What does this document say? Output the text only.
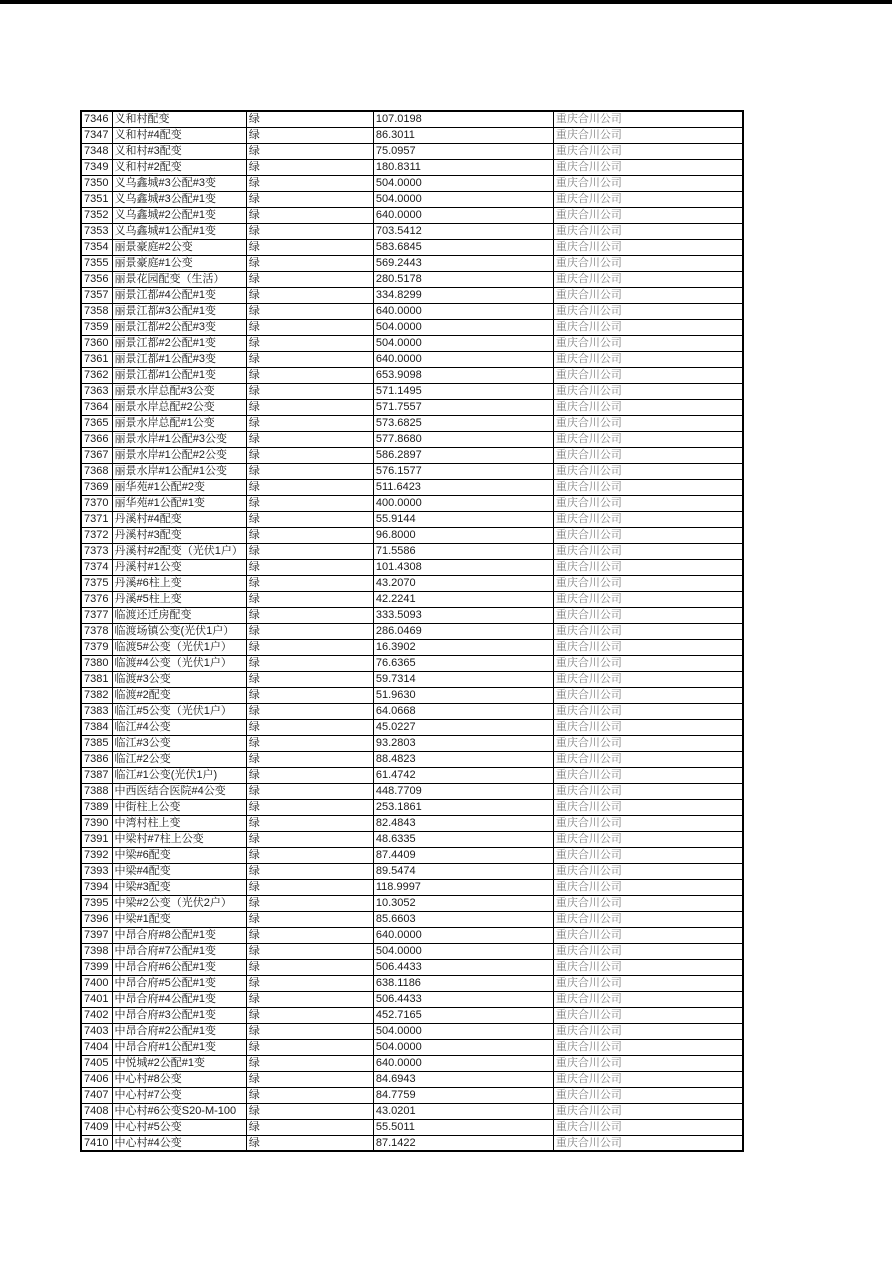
7346	义和村配变	绿	107.0198	重庆合川公司
7347	义和村#4配变	绿	86.3011	重庆合川公司
7348	义和村#3配变	绿	75.0957	重庆合川公司
7349	义和村#2配变	绿	180.8311	重庆合川公司
7350	义乌鑫城#3公配#3变	绿	504.0000	重庆合川公司
7351	义乌鑫城#3公配#1变	绿	504.0000	重庆合川公司
7352	义乌鑫城#2公配#1变	绿	640.0000	重庆合川公司
7353	义乌鑫城#1公配#1变	绿	703.5412	重庆合川公司
7354	丽景豪庭#2公变	绿	583.6845	重庆合川公司
7355	丽景豪庭#1公变	绿	569.2443	重庆合川公司
7356	丽景花园配变（生活）	绿	280.5178	重庆合川公司
7357	丽景江都#4公配#1变	绿	334.8299	重庆合川公司
7358	丽景江都#3公配#1变	绿	640.0000	重庆合川公司
7359	丽景江都#2公配#3变	绿	504.0000	重庆合川公司
7360	丽景江都#2公配#1变	绿	504.0000	重庆合川公司
7361	丽景江都#1公配#3变	绿	640.0000	重庆合川公司
7362	丽景江都#1公配#1变	绿	653.9098	重庆合川公司
7363	丽景水岸总配#3公变	绿	571.1495	重庆合川公司
7364	丽景水岸总配#2公变	绿	571.7557	重庆合川公司
7365	丽景水岸总配#1公变	绿	573.6825	重庆合川公司
7366	丽景水岸#1公配#3公变	绿	577.8680	重庆合川公司
7367	丽景水岸#1公配#2公变	绿	586.2897	重庆合川公司
7368	丽景水岸#1公配#1公变	绿	576.1577	重庆合川公司
7369	丽华苑#1公配#2变	绿	511.6423	重庆合川公司
7370	丽华苑#1公配#1变	绿	400.0000	重庆合川公司
7371	丹溪村#4配变	绿	55.9144	重庆合川公司
7372	丹溪村#3配变	绿	96.8000	重庆合川公司
7373	丹溪村#2配变（光伏1户）	绿	71.5586	重庆合川公司
7374	丹溪村#1公变	绿	101.4308	重庆合川公司
7375	丹溪#6柱上变	绿	43.2070	重庆合川公司
7376	丹溪#5柱上变	绿	42.2241	重庆合川公司
7377	临渡还迁房配变	绿	333.5093	重庆合川公司
7378	临渡场镇公变(光伏1户）	绿	286.0469	重庆合川公司
7379	临渡5#公变（光伏1户）	绿	16.3902	重庆合川公司
7380	临渡#4公变（光伏1户）	绿	76.6365	重庆合川公司
7381	临渡#3公变	绿	59.7314	重庆合川公司
7382	临渡#2配变	绿	51.9630	重庆合川公司
7383	临江#5公变（光伏1户）	绿	64.0668	重庆合川公司
7384	临江#4公变	绿	45.0227	重庆合川公司
7385	临江#3公变	绿	93.2803	重庆合川公司
7386	临江#2公变	绿	88.4823	重庆合川公司
7387	临江#1公变(光伏1户)	绿	61.4742	重庆合川公司
7388	中西医结合医院#4公变	绿	448.7709	重庆合川公司
7389	中街柱上公变	绿	253.1861	重庆合川公司
7390	中湾村柱上变	绿	82.4843	重庆合川公司
7391	中梁村#7柱上公变	绿	48.6335	重庆合川公司
7392	中梁#6配变	绿	87.4409	重庆合川公司
7393	中梁#4配变	绿	89.5474	重庆合川公司
7394	中梁#3配变	绿	118.9997	重庆合川公司
7395	中梁#2公变（光伏2户）	绿	10.3052	重庆合川公司
7396	中梁#1配变	绿	85.6603	重庆合川公司
7397	中昂合府#8公配#1变	绿	640.0000	重庆合川公司
7398	中昂合府#7公配#1变	绿	504.0000	重庆合川公司
7399	中昂合府#6公配#1变	绿	506.4433	重庆合川公司
7400	中昂合府#5公配#1变	绿	638.1186	重庆合川公司
7401	中昂合府#4公配#1变	绿	506.4433	重庆合川公司
7402	中昂合府#3公配#1变	绿	452.7165	重庆合川公司
7403	中昂合府#2公配#1变	绿	504.0000	重庆合川公司
7404	中昂合府#1公配#1变	绿	504.0000	重庆合川公司
7405	中悦城#2公配#1变	绿	640.0000	重庆合川公司
7406	中心村#8公变	绿	84.6943	重庆合川公司
7407	中心村#7公变	绿	84.7759	重庆合川公司
7408	中心村#6公变S20-M-100	绿	43.0201	重庆合川公司
7409	中心村#5公变	绿	55.5011	重庆合川公司
7410	中心村#4公变	绿	87.1422	重庆合川公司
